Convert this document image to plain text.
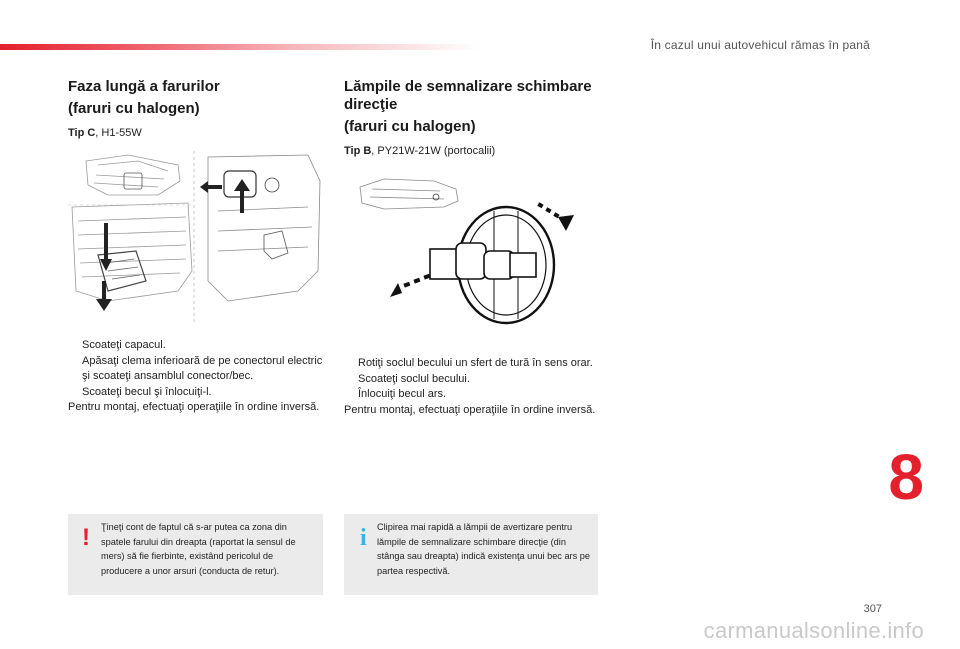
În cazul unui autovehicul rămas în pană
Faza lungă a farurilor
(faruri cu halogen)
Tip C, H1-55W
Scoateţi capacul.
Apăsaţi clema inferioară de pe conectorul electric şi scoateţi ansamblul conector/bec.
Scoateţi becul şi înlocuiţi-l.
Pentru montaj, efectuaţi operaţiile în ordine inversă.
Lămpile de semnalizare schimbare direcţie
(faruri cu halogen)
Tip B, PY21W-21W (portocalii)
Rotiţi soclul becului un sfert de tură în sens orar.
Scoateţi soclul becului.
Înlocuiţi becul ars.
Pentru montaj, efectuaţi operaţiile în ordine inversă.
! Ţineţi cont de faptul că s-ar putea ca zona din spatele farului din dreapta (raportat la sensul de mers) să fie fierbinte, existând pericolul de producere a unor arsuri (conducta de retur).
i Clipirea mai rapidă a lămpii de avertizare pentru lămpile de semnalizare schimbare direcţie (din stânga sau dreapta) indică existenţa unui bec ars pe partea respectivă.
8
307
carmanualsonline.info
